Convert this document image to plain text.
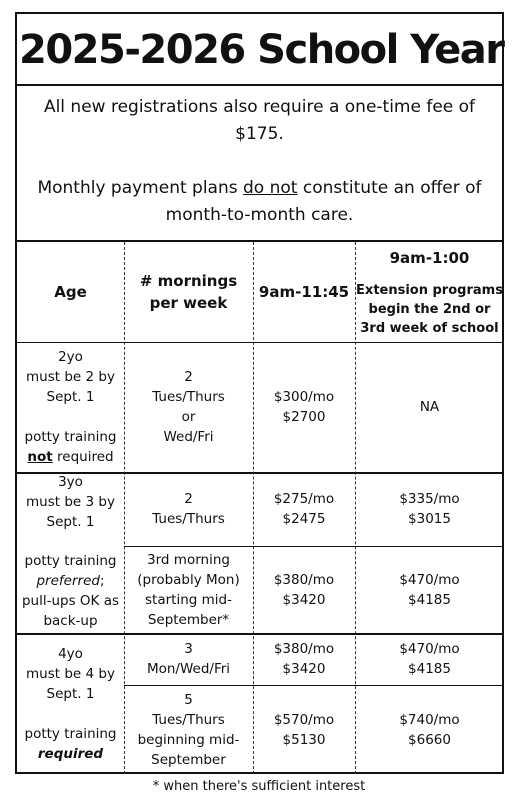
2025-2026 School Year

All new registrations also require a one-time fee of

$175.

Monthly payment plans do not constitute an offer of

month-to-month care.

Age
# mornings
per week
9am-11:45
9am-1:00
Extension programs
begin the 2nd or
3rd week of school
2yo
must be 2 by
Sept. 1
potty training
not required
2
Tues/Thurs
or
Wed/Fri
$300/mo
$2700
NA
3yo
must be 3 by
Sept. 1
potty training
preferred;
pull-ups OK as
back-up
2
Tues/Thurs
$275/mo
$2475
$335/mo
$3015
3rd morning
(probably Mon)
starting mid-
September*
$380/mo
$3420
$470/mo
$4185
4yo
must be 4 by
Sept. 1
potty training
required
3
Mon/Wed/Fri
$380/mo
$3420
$470/mo
$4185
5
Tues/Thurs
beginning mid-
September
$570/mo
$5130
$740/mo
$6660
* when there's sufficient interest
